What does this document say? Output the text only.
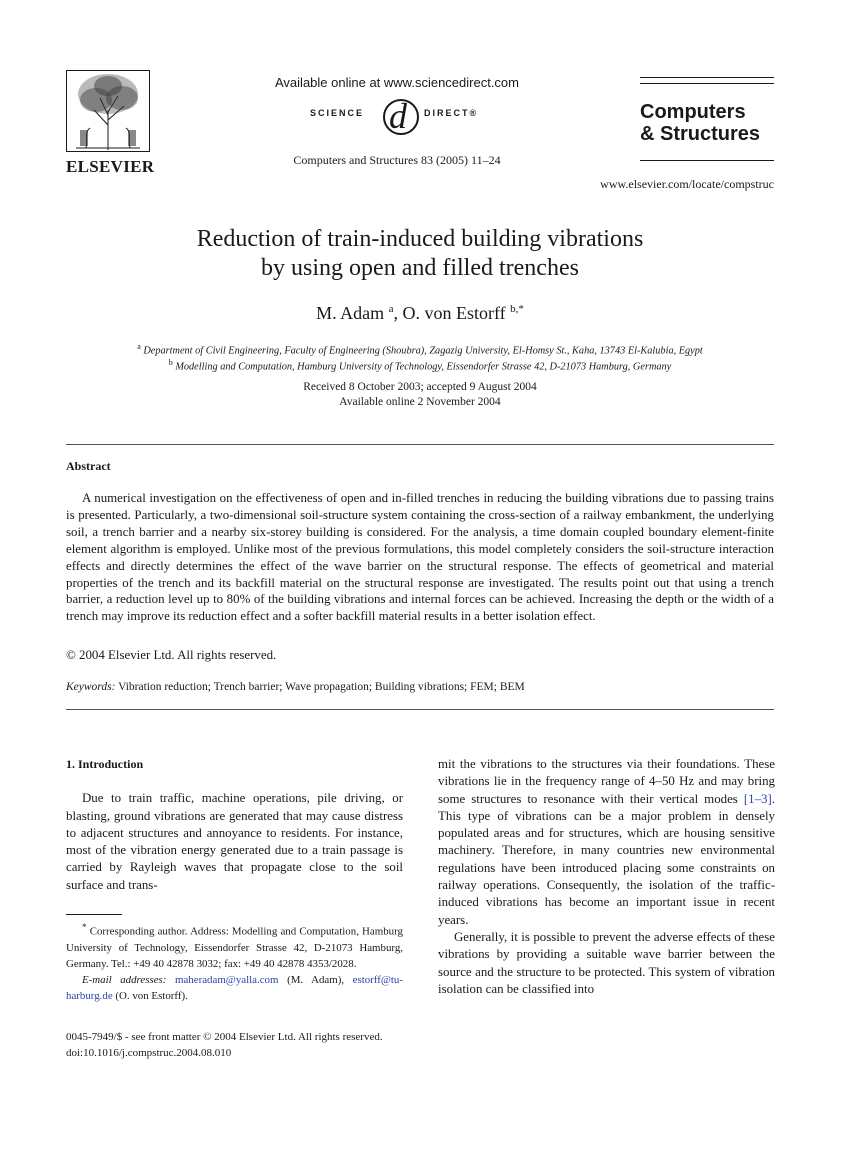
ELSEVIER
Available online at www.sciencedirect.com
SCIENCE d DIRECT®
Computers and Structures 83 (2005) 11–24
Computers
& Structures
www.elsevier.com/locate/compstruc
Reduction of train-induced building vibrations
by using open and filled trenches
M. Adam $^a$, O. von Estorff $^{b,*}$
$^a$ Department of Civil Engineering, Faculty of Engineering (Shoubra), Zagazig University, El-Homsy St., Kaha, 13743 El-Kalubia, Egypt
$^b$ Modelling and Computation, Hamburg University of Technology, Eissendorfer Strasse 42, D-21073 Hamburg, Germany
Received 8 October 2003; accepted 9 August 2004
Available online 2 November 2004
Abstract
A numerical investigation on the effectiveness of open and in-filled trenches in reducing the building vibrations due to passing trains is presented. Particularly, a two-dimensional soil-structure system containing the cross-section of a railway embankment, the underlying soil, a trench barrier and a nearby six-storey building is considered. For the analysis, a time domain coupled boundary element-finite element algorithm is employed. Unlike most of the previous formulations, this model completely considers the soil-structure interaction effects and directly determines the effect of the wave barrier on the structural response. The effects of geometrical and material properties of the trench and its backfill material on the structural response are investigated. The results point out that using a trench barrier, a reduction level up to 80% of the building vibrations and internal forces can be achieved. Increasing the depth or the width of a trench may improve its reduction effect and a softer backfill material results in a better isolation effect.
© 2004 Elsevier Ltd. All rights reserved.
Keywords: Vibration reduction; Trench barrier; Wave propagation; Building vibrations; FEM; BEM
1. Introduction
Due to train traffic, machine operations, pile driving, or blasting, ground vibrations are generated that may cause distress to adjacent structures and annoyance to residents. For instance, most of the vibration energy generated due to a train passage is carried by Rayleigh waves that propagate close to the soil surface and trans-
mit the vibrations to the structures via their foundations. These vibrations lie in the frequency range of 4–50 Hz and may bring some structures to resonance with their vertical modes [1–3]. This type of vibrations can be a major problem in densely populated areas and for structures, which are housing sensitive machinery. Therefore, in many countries new environmental regulations have been introduced placing some constraints on railway operations. Consequently, the isolation of the traffic-induced vibrations has become an important issue in recent years.
Generally, it is possible to prevent the adverse effects of these vibrations by providing a suitable wave barrier between the source and the structure to be protected. This system of vibration isolation can be classified into
* Corresponding author. Address: Modelling and Computation, Hamburg University of Technology, Eissendorfer Strasse 42, D-21073 Hamburg, Germany. Tel.: +49 40 42878 3032; fax: +49 40 42878 4353/2028.
E-mail addresses: maheradam@yalla.com (M. Adam), estorff@tu-harburg.de (O. von Estorff).
0045-7949/$ - see front matter © 2004 Elsevier Ltd. All rights reserved.
doi:10.1016/j.compstruc.2004.08.010
